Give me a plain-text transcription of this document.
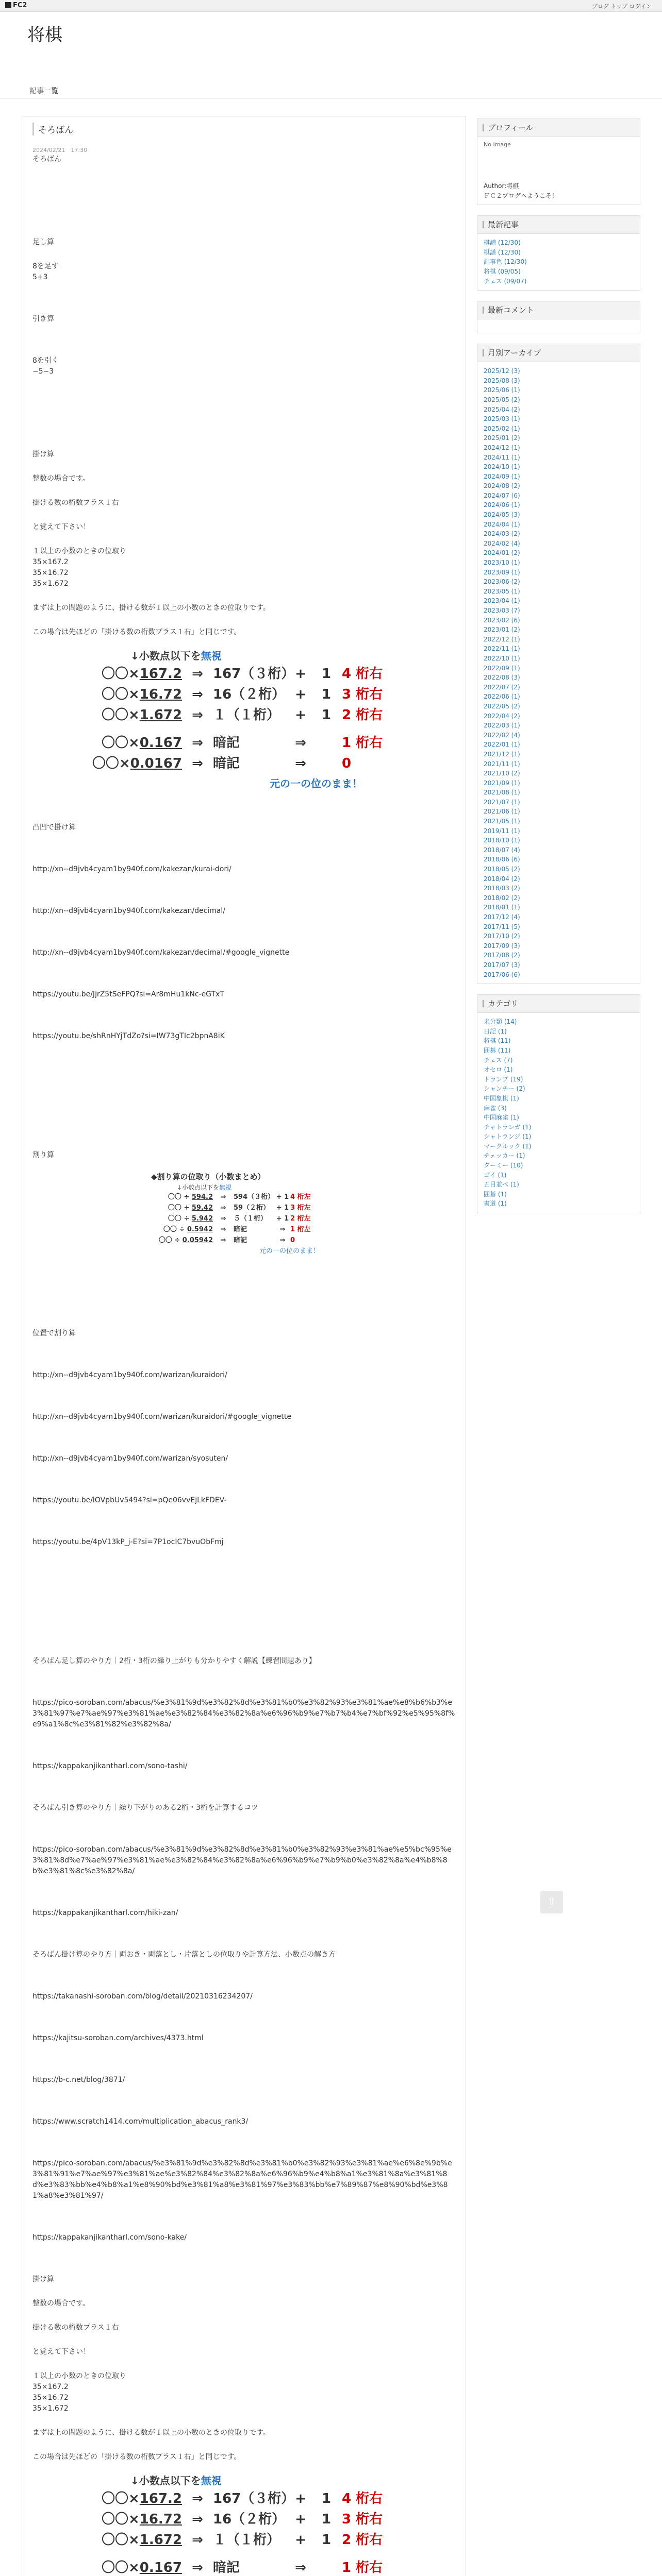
FC2	ブログ トップ ログイン
将棋
記事一覧
そろばん
2024/02/21　17:30

そろばん

足し算

8を足す

5+3

引き算

8を引く

−5−3

掛け算

整数の場合です。

掛ける数の桁数プラス１右

と覚えて下さい！

１以上の小数のときの位取り

35×167.2

35×16.72

35×1.672

まずは上の問題のように、掛ける数が１以上の小数のときの位取りです。

この場合は先ほどの「掛ける数の桁数プラス１右」と同じです。

↓小数点以下を無視
〇〇×167.2 ⇒ 167（３桁） +	1 4 桁右
〇〇×16.72 ⇒ 16（２桁） +	1 3 桁右
〇〇×1.672 ⇒ １（１桁）	+	1 2 桁右
〇〇×0.167 ⇒ 暗記	⇒	1 桁右
〇〇×0.0167 ⇒ 暗記	⇒	0
元の一の位のまま！

凸凹で掛け算

http://xn--d9jvb4cyam1by940f.com/kakezan/kurai-dori/

http://xn--d9jvb4cyam1by940f.com/kakezan/decimal/

http://xn--d9jvb4cyam1by940f.com/kakezan/decimal/#google_vignette

https://youtu.be/JjrZ5tSeFPQ?si=Ar8mHu1kNc-eGTxT

https://youtu.be/shRnHYjTdZo?si=IW73gTIc2bpnA8iK

割り算

◆割り算の位取り（小数まとめ）
↓小数点以下を無視
〇〇 ÷ 594.2	⇒	594（３桁） + 1 4 桁左
〇〇 ÷ 59.42	⇒	59（２桁） + 1 3 桁左
〇〇 ÷ 5.942	⇒	５（１桁）	+ 1 2 桁左
〇〇 ÷ 0.5942	⇒	暗記	⇒ 1 桁左
〇〇 ÷ 0.05942	⇒	暗記	⇒ 0
元の一の位のまま！

位置で割り算

http://xn--d9jvb4cyam1by940f.com/warizan/kuraidori/

http://xn--d9jvb4cyam1by940f.com/warizan/kuraidori/#google_vignette

http://xn--d9jvb4cyam1by940f.com/warizan/syosuten/

https://youtu.be/lOVpbUv5494?si=pQe06vvEjLkFDEV-

https://youtu.be/4pV13kP_j-E?si=7P1ocIC7bvuObFmj

そろばん足し算のやり方｜2桁・3桁の繰り上がりも分かりやすく解説【練習問題あり】

https://pico-soroban.com/abacus/%e3%81%9d%e3%82%8d%e3%81%b0%e3%82%93%e3%81%ae%e8%b6%b3%e3%81%97%e7%ae%97%e3%81%ae%e3%82%84%e3%82%8a%e6%96%b9%e7%b7%b4%e7%bf%92%e5%95%8f%e9%a1%8c%e3%81%82%e3%82%8a/

https://kappakanjikantharl.com/sono-tashi/

そろばん引き算のやり方｜繰り下がりのある2桁・3桁を計算するコツ

https://pico-soroban.com/abacus/%e3%81%9d%e3%82%8d%e3%81%b0%e3%82%93%e3%81%ae%e5%bc%95%e3%81%8d%e7%ae%97%e3%81%ae%e3%82%84%e3%82%8a%e6%96%b9%e7%b9%b0%e3%82%8a%e4%b8%8b%e3%81%8c%e3%82%8a/

https://kappakanjikantharl.com/hiki-zan/

そろばん掛け算のやり方｜両おき・両落とし・片落としの位取りや計算方法、小数点の解き方

https://takanashi-soroban.com/blog/detail/20210316234207/

https://kajitsu-soroban.com/archives/4373.html

https://b-c.net/blog/3871/

https://www.scratch1414.com/multiplication_abacus_rank3/

https://pico-soroban.com/abacus/%e3%81%9d%e3%82%8d%e3%81%b0%e3%82%93%e3%81%ae%e6%8e%9b%e3%81%91%e7%ae%97%e3%81%ae%e3%82%84%e3%82%8a%e6%96%b9%e4%b8%a1%e3%81%8a%e3%81%8d%e3%83%bb%e4%b8%a1%e8%90%bd%e3%81%a8%e3%81%97%e3%83%bb%e7%89%87%e8%90%bd%e3%81%a8%e3%81%97/

https://kappakanjikantharl.com/sono-kake/

掛け算

整数の場合です。

掛ける数の桁数プラス１右

と覚えて下さい！

１以上の小数のときの位取り

35×167.2

35×16.72

35×1.672

まずは上の問題のように、掛ける数が１以上の小数のときの位取りです。

この場合は先ほどの「掛ける数の桁数プラス１右」と同じです。

↓小数点以下を無視
〇〇×167.2 ⇒ 167（３桁） +	1 4 桁右
〇〇×16.72 ⇒ 16（２桁） +	1 3 桁右
〇〇×1.672 ⇒ １（１桁）	+	1 2 桁右
〇〇×0.167 ⇒ 暗記	⇒	1 桁右

プロフィール
No Image
Author:将棋
ＦＣ２ブログへようこそ！
最新記事
棋譜 (12/30)
棋譜 (12/30)
記事色 (12/30)
将棋 (09/05)
チェス (09/07)
最新コメント
月別アーカイブ
2025/12 (3)
2025/08 (3)
2025/06 (1)
2025/05 (2)
2025/04 (2)
2025/03 (1)
2025/02 (1)
2025/01 (2)
2024/12 (1)
2024/11 (1)
2024/10 (1)
2024/09 (1)
2024/08 (2)
2024/07 (6)
2024/06 (1)
2024/05 (3)
2024/04 (1)
2024/03 (2)
2024/02 (4)
2024/01 (2)
2023/10 (1)
2023/09 (1)
2023/06 (2)
2023/05 (1)
2023/04 (1)
2023/03 (7)
2023/02 (6)
2023/01 (2)
2022/12 (1)
2022/11 (1)
2022/10 (1)
2022/09 (1)
2022/08 (3)
2022/07 (2)
2022/06 (1)
2022/05 (2)
2022/04 (2)
2022/03 (1)
2022/02 (4)
2022/01 (1)
2021/12 (1)
2021/11 (1)
2021/10 (2)
2021/09 (1)
2021/08 (1)
2021/07 (1)
2021/06 (1)
2021/05 (1)
2019/11 (1)
2018/10 (1)
2018/07 (4)
2018/06 (6)
2018/05 (2)
2018/04 (2)
2018/03 (2)
2018/02 (2)
2018/01 (1)
2017/12 (4)
2017/11 (5)
2017/10 (2)
2017/09 (3)
2017/08 (2)
2017/07 (3)
2017/06 (6)
カテゴリ
未分類 (14)
日記 (1)
将棋 (11)
囲碁 (11)
チェス (7)
オセロ (1)
トランプ (19)
シャンチー (2)
中国象棋 (1)
麻雀 (3)
中国麻雀 (1)
チャトランガ (1)
シャトランジ (1)
マークルック (1)
チェッカー (1)
ターミー (10)
ゴイ (1)
五目並べ (1)
囲碁 (1)
書道 (1)
⇧
